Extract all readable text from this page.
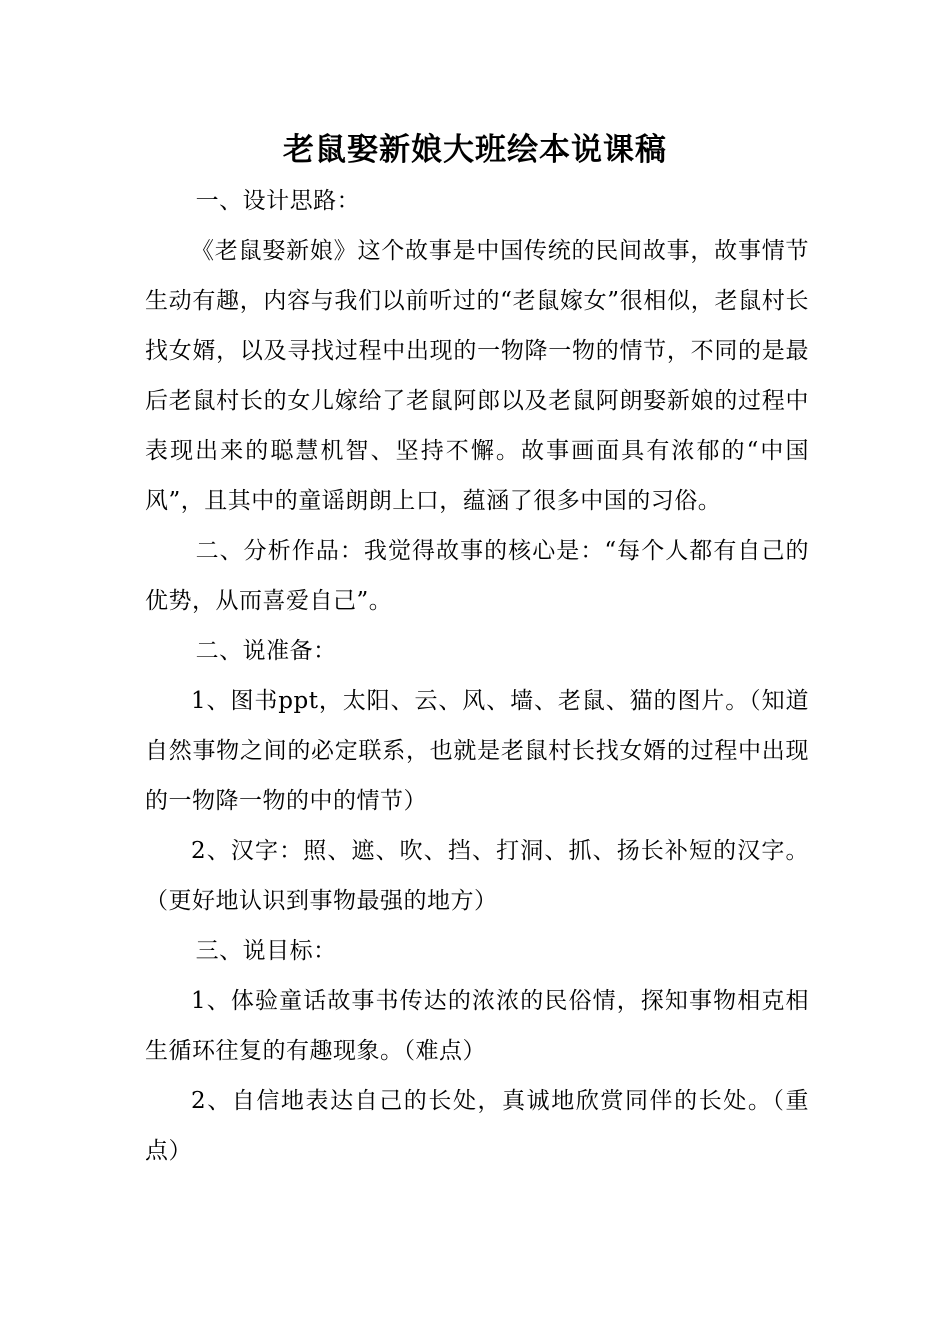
老鼠娶新娘大班绘本说课稿

一、设计思路：

《老鼠娶新娘》这个故事是中国传统的民间故事，故事情节生动有趣，内容与我们以前听过的“老鼠嫁女”很相似，老鼠村长找女婿，以及寻找过程中出现的一物降一物的情节，不同的是最后老鼠村长的女儿嫁给了老鼠阿郎以及老鼠阿朗娶新娘的过程中表现出来的聪慧机智、坚持不懈。故事画面具有浓郁的“中国风”，且其中的童谣朗朗上口，蕴涵了很多中国的习俗。

二、分析作品：我觉得故事的核心是：“每个人都有自己的优势，从而喜爱自己”。

二、说准备：

1、图书ppt，太阳、云、风、墙、老鼠、猫的图片。（知道自然事物之间的必定联系，也就是老鼠村长找女婿的过程中出现的一物降一物的中的情节）

2、汉字：照、遮、吹、挡、打洞、抓、扬长补短的汉字。（更好地认识到事物最强的地方）

三、说目标：

1、体验童话故事书传达的浓浓的民俗情，探知事物相克相生循环往复的有趣现象。（难点）

2、自信地表达自己的长处，真诚地欣赏同伴的长处。（重点）
